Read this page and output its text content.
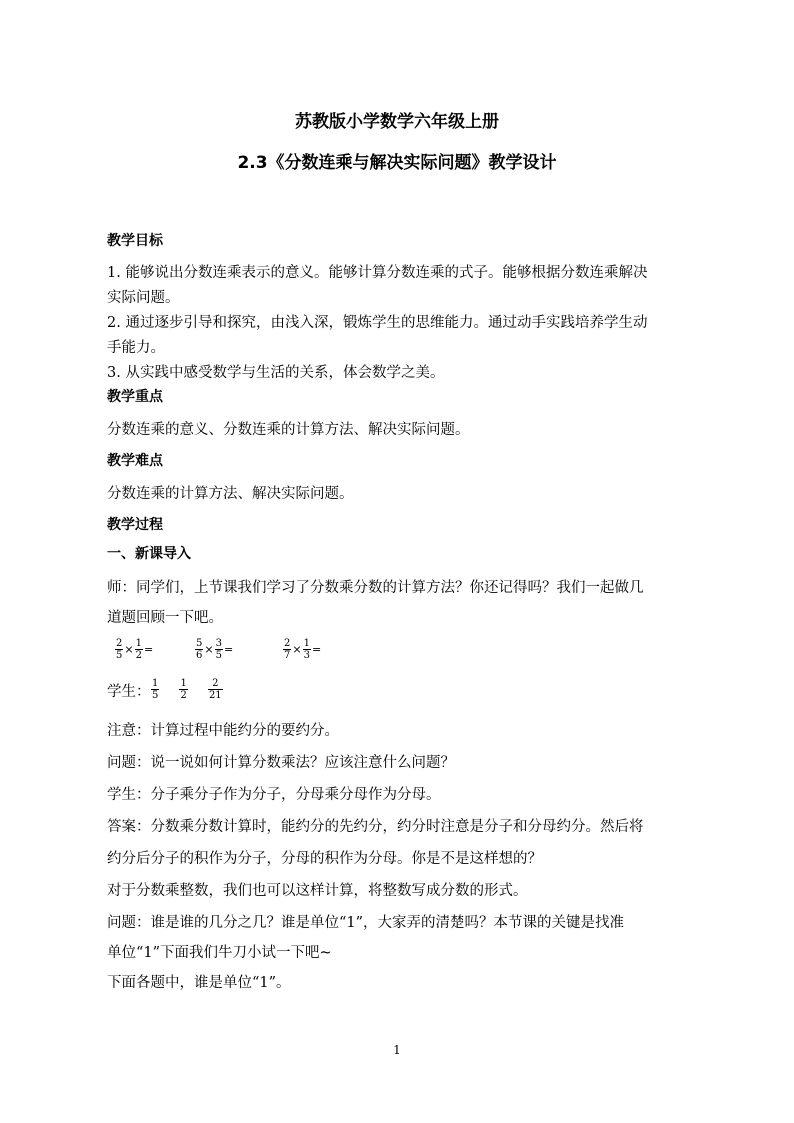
苏教版小学数学六年级上册
2.3《分数连乘与解决实际问题》教学设计
教学目标
1. 能够说出分数连乘表示的意义。能够计算分数连乘的式子。能够根据分数连乘解决
实际问题。
2. 通过逐步引导和探究，由浅入深，锻炼学生的思维能力。通过动手实践培养学生动
手能力。
3. 从实践中感受数学与生活的关系，体会数学之美。
教学重点
分数连乘的意义、分数连乘的计算方法、解决实际问题。
教学难点
分数连乘的计算方法、解决实际问题。
教学过程
一、新课导入
师：同学们，上节课我们学习了分数乘分数的计算方法？你还记得吗？我们一起做几
道题回顾一下吧。
$\frac{2}{5} \times \frac{1}{2}$ =	$\frac{5}{6} \times \frac{3}{5}$ =	$\frac{2}{7} \times \frac{1}{3}$ =
学生： $\frac{1}{5}$
$\frac{1}{2}$
$\frac{2}{21}$
注意：计算过程中能约分的要约分。
问题：说一说如何计算分数乘法？应该注意什么问题？
学生：分子乘分子作为分子，分母乘分母作为分母。
答案：分数乘分数计算时，能约分的先约分，约分时注意是分子和分母约分。然后将
约分后分子的积作为分子，分母的积作为分母。你是不是这样想的？
对于分数乘整数，我们也可以这样计算，将整数写成分数的形式。
问题：谁是谁的几分之几？谁是单位“1”，大家弄的清楚吗？本节课的关键是找准
单位“1”下面我们牛刀小试一下吧~
下面各题中，谁是单位“1”。
1
